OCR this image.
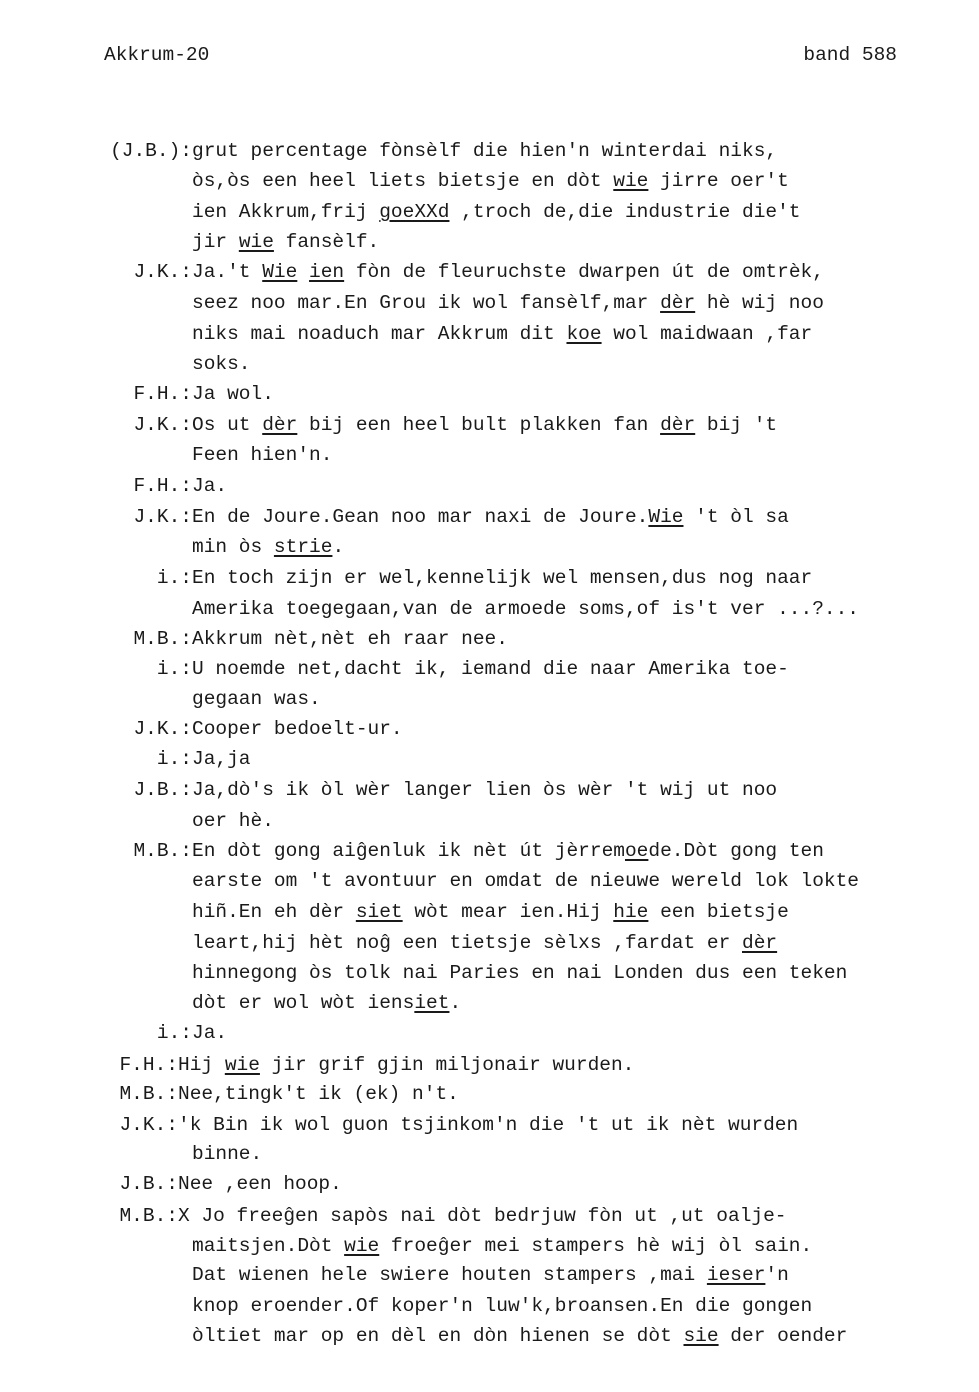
Akkrum-20	band 588
(J.B.): grut percentage fònsèlf die hien'n winterdai niks,
òs,òs een heel liets bietsje en dòt wie jirre oer't
ien Akkrum,frij goeXXd ,troch de,die industrie die't
jir wie fansèlf.
J.K.: Ja.'t Wie ien fòn de fleuruchste dwarpen út de omtrèk,
seez noo mar.En Grou ik wol fansèlf,mar dèr hè wij noo
niks mai noaduch mar Akkrum dit koe wol maidwaan ,far
soks.
F.H.: Ja wol.
J.K.: Os ut dèr bij een heel bult plakken fan dèr bij 't
Feen hien'n.
F.H.: Ja.
J.K.: En de Joure.Gean noo mar naxi de Joure.Wie 't òl sa
min òs strie.
i.: En toch zijn er wel,kennelijk wel mensen,dus nog naar
Amerika toegegaan,van de armoede soms,of is't ver ...?...
M.B.: Akkrum nèt,nèt eh raar nee.
i.: U noemde net,dacht ik, iemand die naar Amerika toe-
gegaan was.
J.K.: Cooper bedoelt-ur.
i.: Ja,ja
J.B.: Ja,dò's ik òl wèr langer lien òs wèr 't wij ut noo
oer hè.
M.B.: En dòt gong aiĝenluk ik nèt út jèrremoede.Dòt gong ten
earste om 't avontuur en omdat de nieuwe wereld lok lokte
hiñ.En eh dèr siet wòt mear ien.Hij hie een bietsje
leart,hij hèt noĝ een tietsje sèlxs ,fardat er dèr
hinnegong òs tolk nai Paries en nai Londen dus een teken
dòt er wol wòt iensiet.
i.: Ja.
F.H.: Hij wie jir grif gjin miljonair wurden.
M.B.: Nee,tingk't ik (ek) n't.
J.K.: 'k Bin ik wol guon tsjinkom'n die 't ut ik nèt wurden
binne.
J.B.: Nee ,een hoop.
M.B.: X Jo freeĝen sapòs nai dòt bedrjuw fòn ut ,ut oalje-
maitsjen.Dòt wie froeĝer mei stampers hè wij òl sain.
Dat wienen hele swiere houten stampers ,mai ieser'n
knop eroender.Of koper'n luw'k,broansen.En die gongen
òltiet mar op en dèl en dòn hienen se dòt sie der oender
